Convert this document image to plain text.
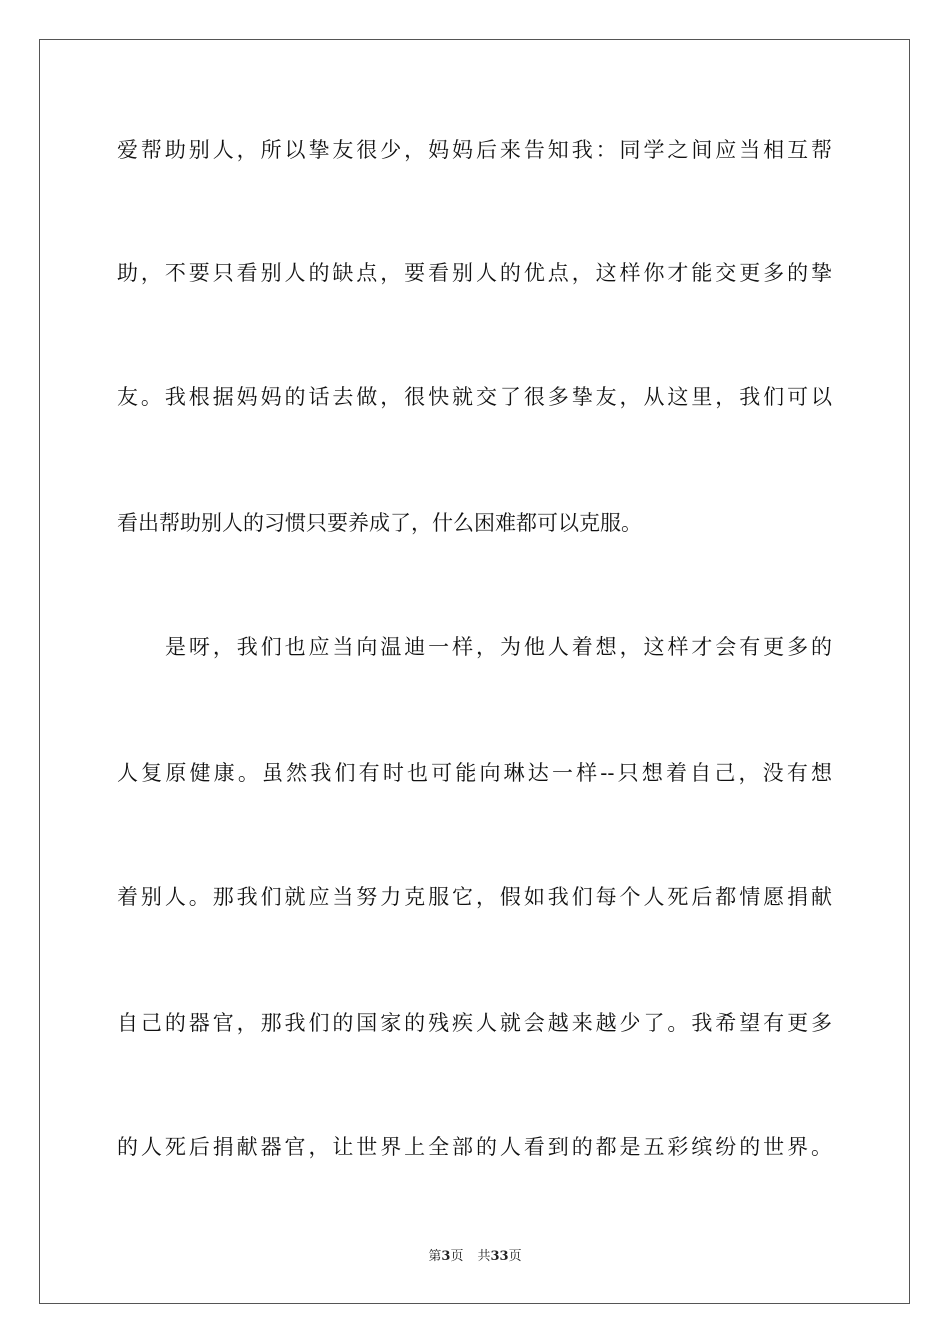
爱帮助别人，所以挚友很少，妈妈后来告知我：同学之间应当相互帮
助，不要只看别人的缺点，要看别人的优点，这样你才能交更多的挚
友。我根据妈妈的话去做，很快就交了很多挚友，从这里，我们可以
看出帮助别人的习惯只要养成了，什么困难都可以克服。
是呀，我们也应当向温迪一样，为他人着想，这样才会有更多的
人复原健康。虽然我们有时也可能向琳达一样--只想着自己，没有想
着别人。那我们就应当努力克服它，假如我们每个人死后都情愿捐献
自己的器官，那我们的国家的残疾人就会越来越少了。我希望有更多
的人死后捐献器官，让世界上全部的人看到的都是五彩缤纷的世界。
第3页 共33页
